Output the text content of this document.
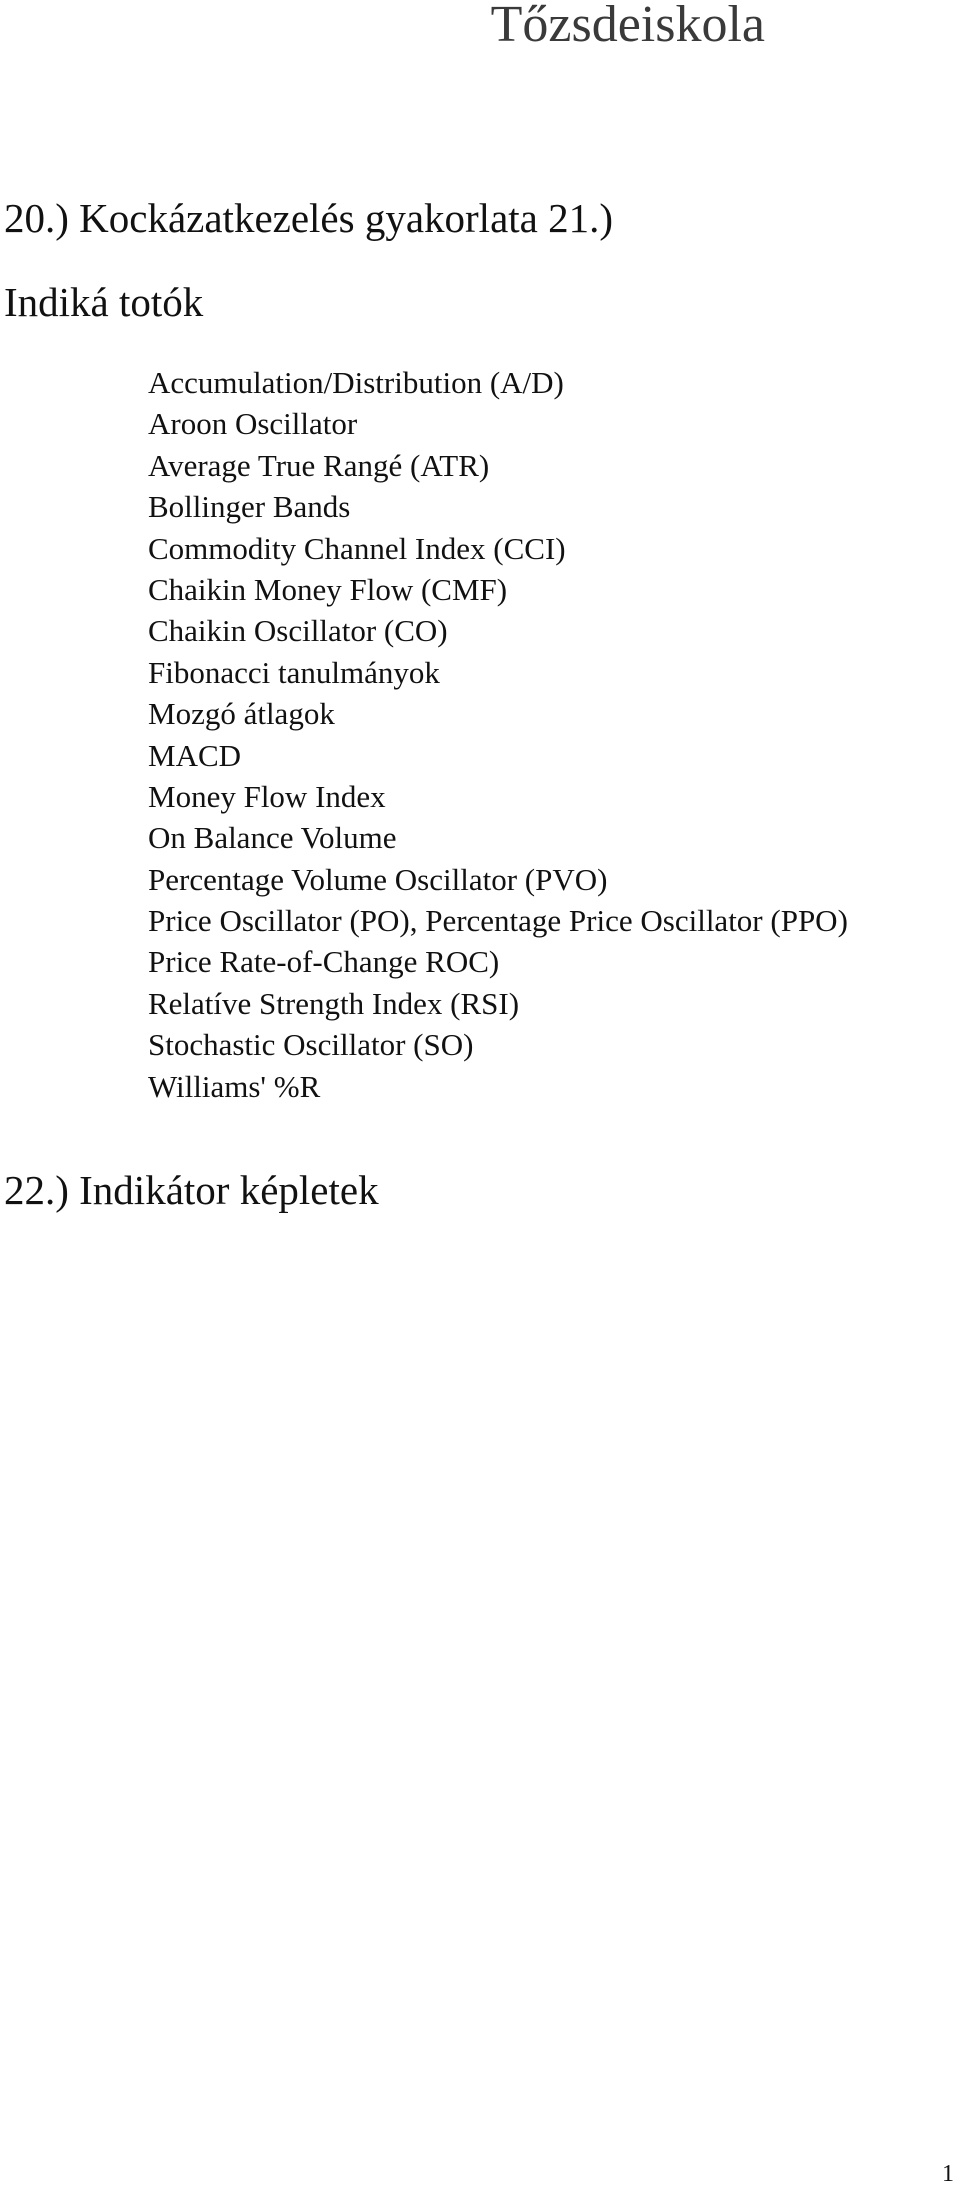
Tőzsdeiskola
20.) Kockázatkezelés gyakorlata 21.)
Indiká totók
Accumulation/Distribution (A/D)
Aroon Oscillator
Average True Rangé (ATR)
Bollinger Bands
Commodity Channel Index (CCI)
Chaikin Money Flow (CMF)
Chaikin Oscillator (CO)
Fibonacci tanulmányok
Mozgó átlagok
MACD
Money Flow Index
On Balance Volume
Percentage Volume Oscillator (PVO)
Price Oscillator (PO), Percentage Price Oscillator (PPO)
Price Rate-of-Change ROC)
Relatíve Strength Index (RSI)
Stochastic Oscillator (SO)
Williams' %R
22.) Indikátor képletek
1
